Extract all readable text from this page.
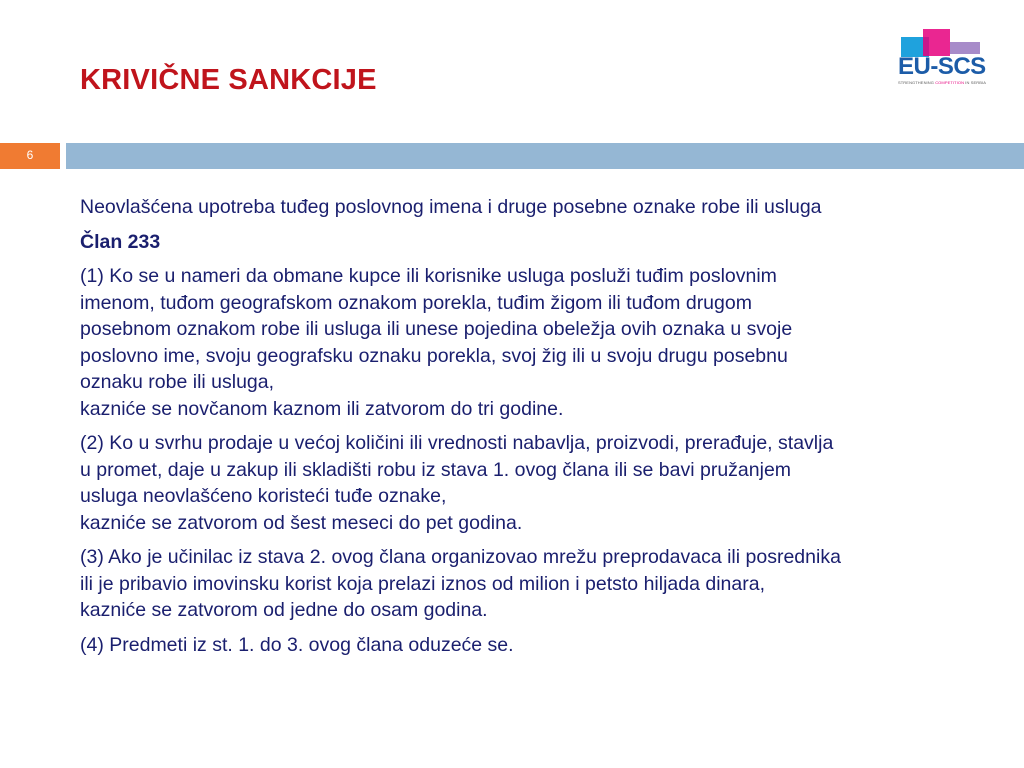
KRIVIČNE SANKCIJE	EU-SCS
STRENGTHENING COMPETITION IN SERBIA
6

Neovlašćena upotreba tuđeg poslovnog imena i druge posebne oznake robe ili usluga

Član 233

(1) Ko se u nameri da obmane kupce ili korisnike usluga posluži tuđim poslovnim
imenom, tuđom geografskom oznakom porekla, tuđim žigom ili tuđom drugom
posebnom oznakom robe ili usluga ili unese pojedina obeležja ovih oznaka u svoje
poslovno ime, svoju geografsku oznaku porekla, svoj žig ili u svoju drugu posebnu
oznaku robe ili usluga,
kazniće se novčanom kaznom ili zatvorom do tri godine.

(2) Ko u svrhu prodaje u većoj količini ili vrednosti nabavlja, proizvodi, prerađuje, stavlja
u promet, daje u zakup ili skladišti robu iz stava 1. ovog člana ili se bavi pružanjem
usluga neovlašćeno koristeći tuđe oznake,
kazniće se zatvorom od šest meseci do pet godina.

(3) Ako je učinilac iz stava 2. ovog člana organizovao mrežu preprodavaca ili posrednika
ili je pribavio imovinsku korist koja prelazi iznos od milion i petsto hiljada dinara,
kazniće se zatvorom od jedne do osam godina.

(4) Predmeti iz st. 1. do 3. ovog člana oduzeće se.
